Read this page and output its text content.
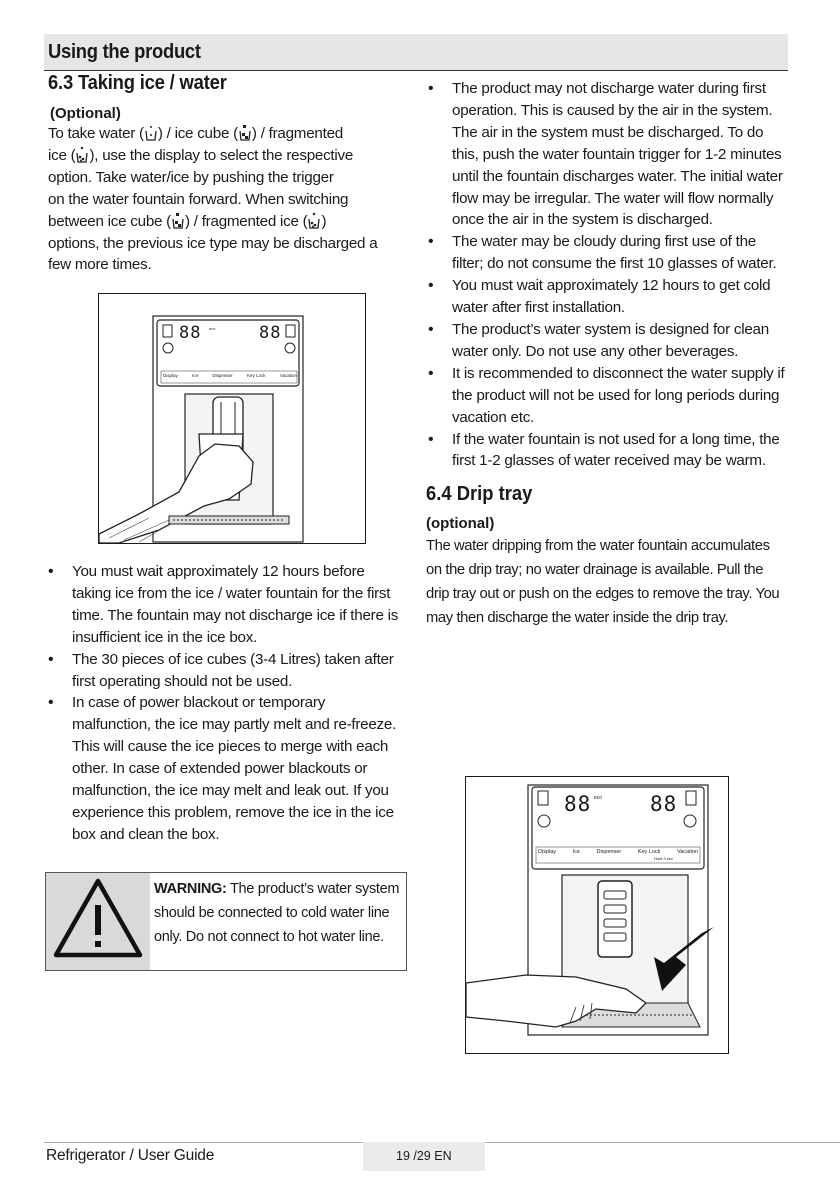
Using the product
6.3 Taking ice / water
(Optional)

To take water ( ) / ice cube ( ) / fragmented
ice ( ), use the display to select the respective
option. Take water/ice by pushing the trigger
on the water fountain forward. When switching
between ice cube ( ) / fragmented ice ( )
options, the previous ice type may be discharged a
few more times.

88	88
eco
Display	Ice	Dispenser	Key Lock	Vacation
• You must wait approximately 12 hours before taking ice from the ice / water fountain for the first time. The fountain may not discharge ice if there is insufficient ice in the ice box.
• The 30 pieces of ice cubes (3-4 Litres) taken after first operating should not be used.
• In case of power blackout or temporary malfunction, the ice may partly melt and re-freeze. This will cause the ice pieces to merge with each other. In case of extended power blackouts or malfunction, the ice may melt and leak out. If you experience this problem, remove the ice in the ice box and clean the box.
WARNING: The product’s water system should be connected to cold water line only. Do not connect to hot water line.
• The product may not discharge water during first operation. This is caused by the air in the system. The air in the system must be discharged. To do this, push the water fountain trigger for 1-2 minutes until the fountain discharges water. The initial water flow may be irregular. The water will flow normally once the air in the system is discharged.
• The water may be cloudy during first use of the filter; do not consume the first 10 glasses of water.
• You must wait approximately 12 hours to get cold water after first installation.
• The product’s water system is designed for clean water only. Do not use any other beverages.
• It is recommended to disconnect the water supply if the product will not be used for long periods during vacation etc.
• If the water fountain is not used for a long time, the first 1-2 glasses of water received may be warm.
6.4 Drip tray
(optional)

The water dripping from the water fountain accumulates on the drip tray; no water drainage is available. Pull the drip tray out or push on the edges to remove the tray. You may then discharge the water inside the drip tray.

88	88
eco
Display	Ice	Dispenser	Key Lock	Vacation
Hold 3 sec
Refrigerator / User Guide	19 /29 EN
